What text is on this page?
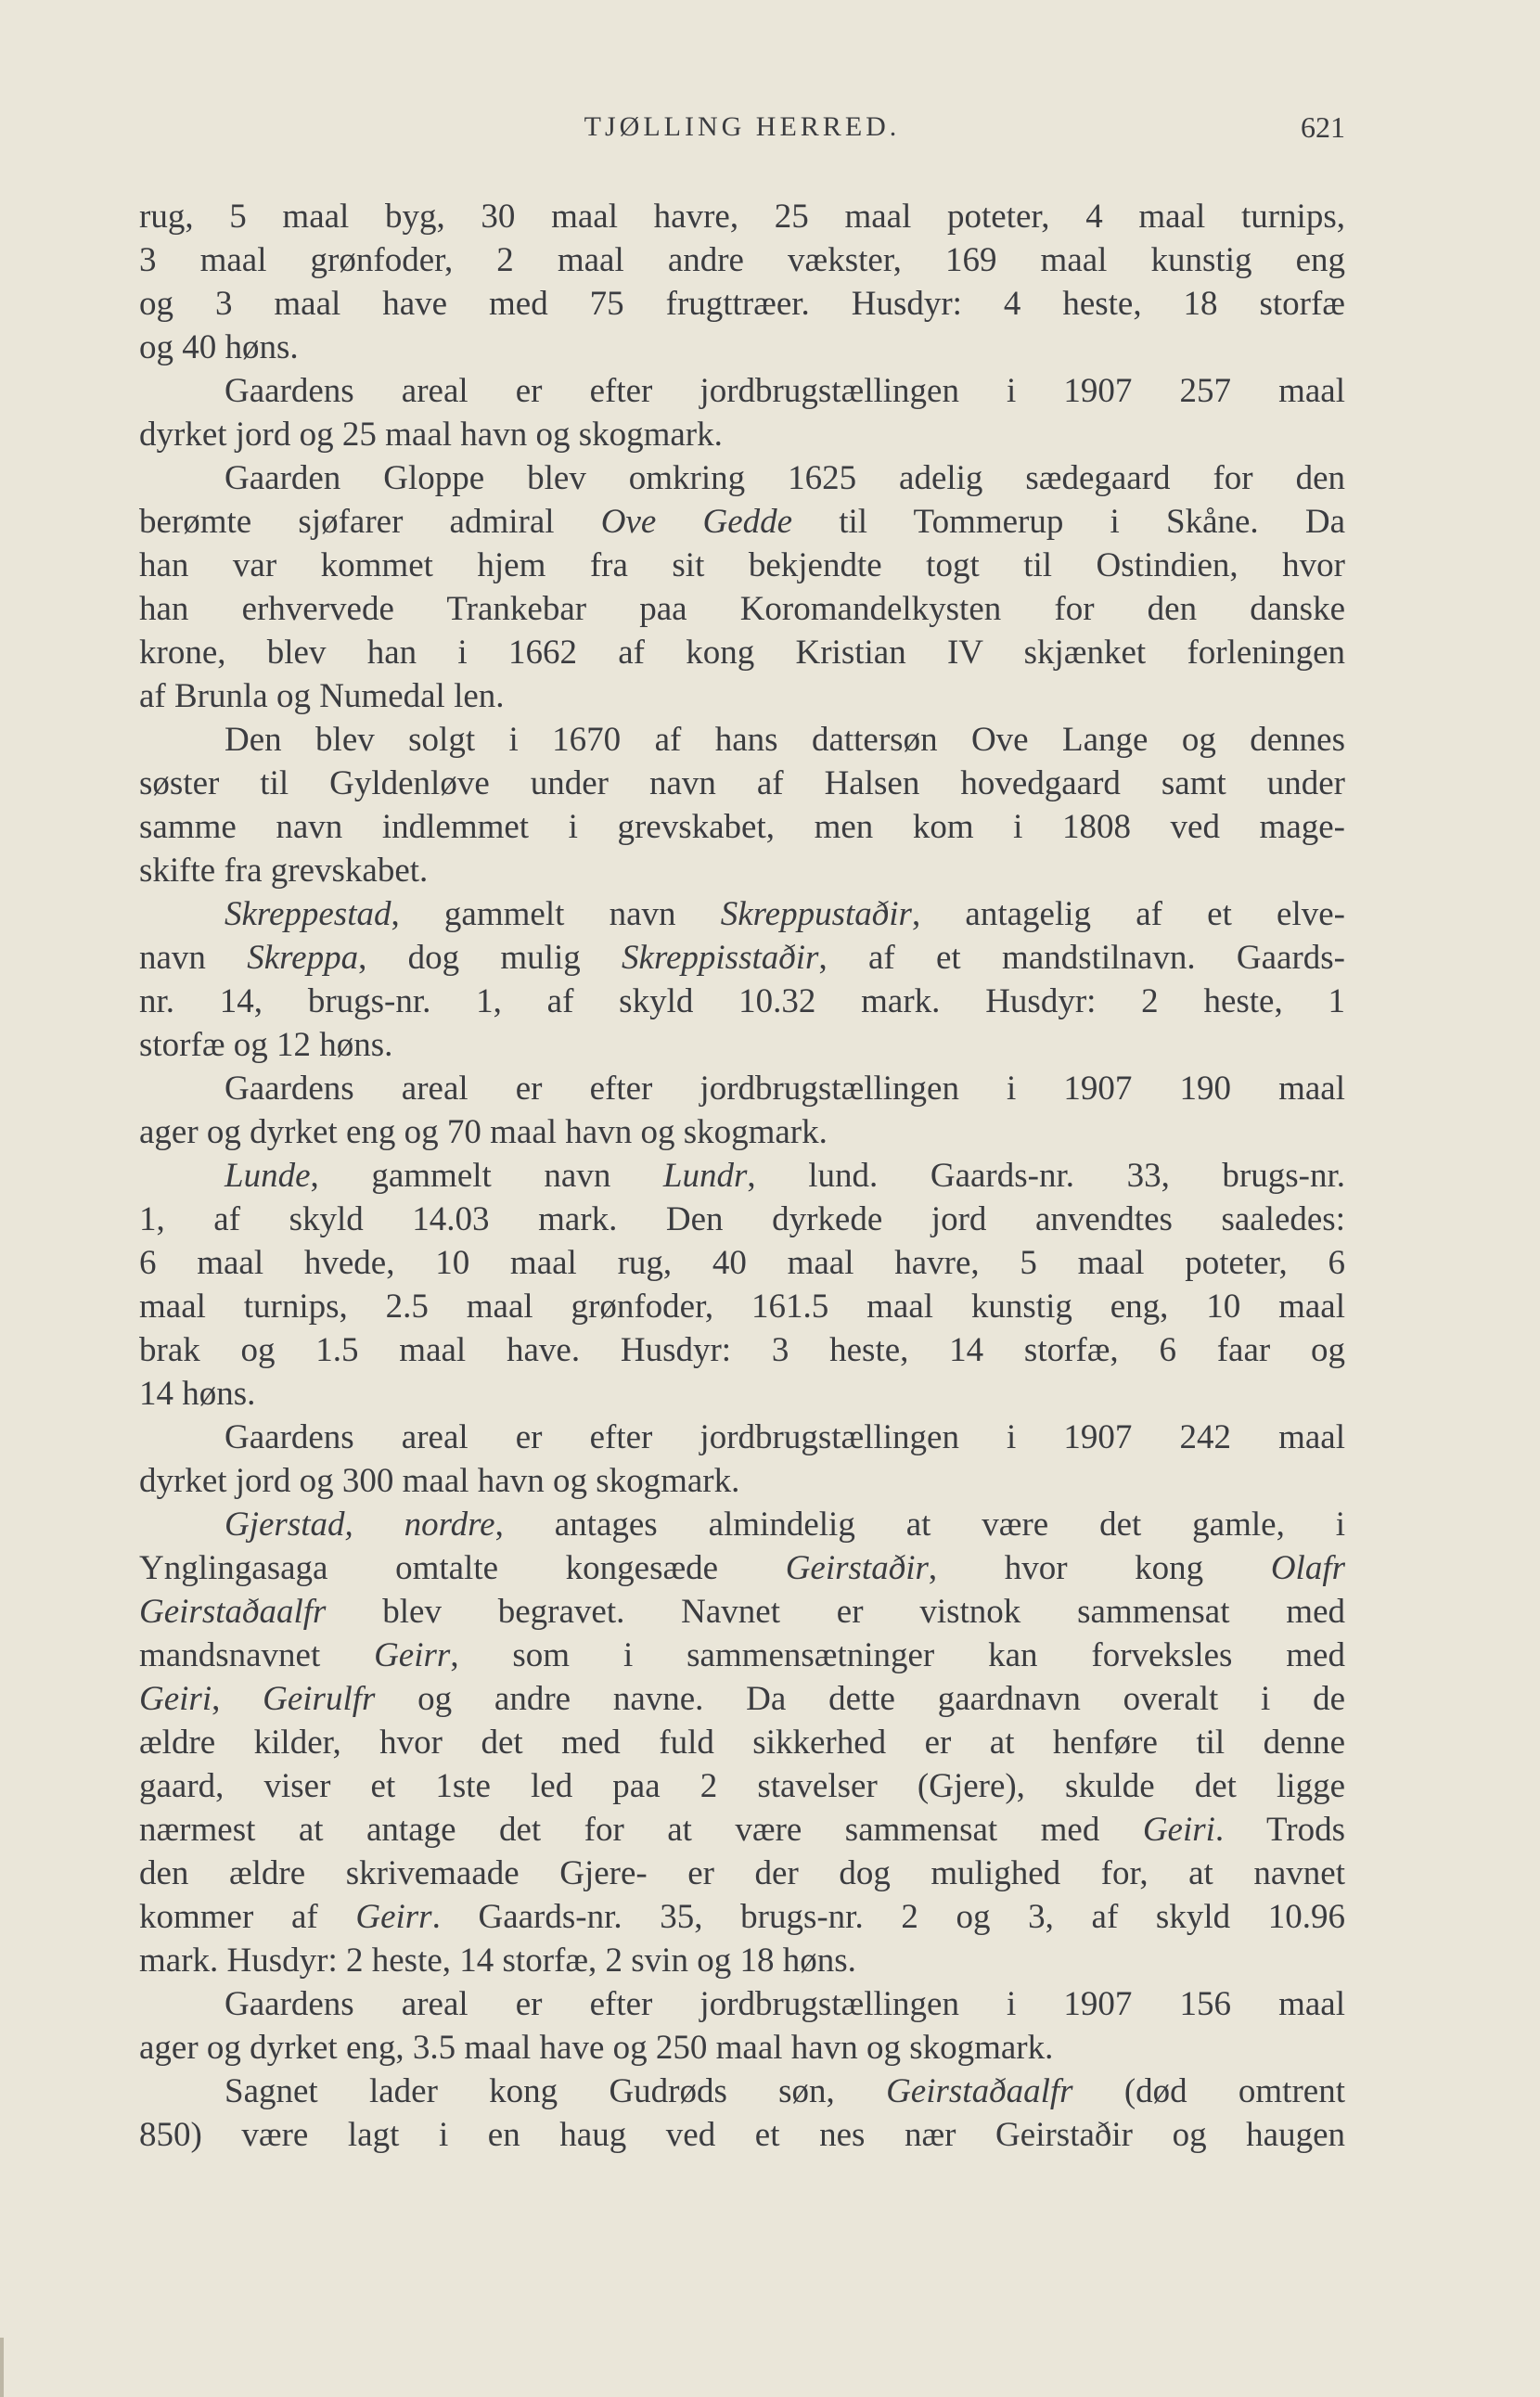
TJØLLING HERRED.	621
rug, 5 maal byg, 30 maal havre, 25 maal poteter, 4 maal turnips,
3 maal grønfoder, 2 maal andre vækster, 169 maal kunstig eng
og 3 maal have med 75 frugttræer. Husdyr: 4 heste, 18 storfæ
og 40 høns.
Gaardens areal er efter jordbrugstællingen i 1907 257 maal
dyrket jord og 25 maal havn og skogmark.
Gaarden Gloppe blev omkring 1625 adelig sædegaard for den
berømte sjøfarer admiral Ove Gedde til Tommerup i Skåne. Da
han var kommet hjem fra sit bekjendte togt til Ostindien, hvor
han erhvervede Trankebar paa Koromandelkysten for den danske
krone, blev han i 1662 af kong Kristian IV skjænket forleningen
af Brunla og Numedal len.
Den blev solgt i 1670 af hans dattersøn Ove Lange og dennes
søster til Gyldenløve under navn af Halsen hovedgaard samt under
samme navn indlemmet i grevskabet, men kom i 1808 ved mage-
skifte fra grevskabet.
Skreppestad, gammelt navn Skreppustaðir, antagelig af et elve-
navn Skreppa, dog mulig Skreppisstaðir, af et mandstilnavn. Gaards-
nr. 14, brugs-nr. 1, af skyld 10.32 mark. Husdyr: 2 heste, 1
storfæ og 12 høns.
Gaardens areal er efter jordbrugstællingen i 1907 190 maal
ager og dyrket eng og 70 maal havn og skogmark.
Lunde, gammelt navn Lundr, lund. Gaards-nr. 33, brugs-nr.
1, af skyld 14.03 mark. Den dyrkede jord anvendtes saaledes:
6 maal hvede, 10 maal rug, 40 maal havre, 5 maal poteter, 6
maal turnips, 2.5 maal grønfoder, 161.5 maal kunstig eng, 10 maal
brak og 1.5 maal have. Husdyr: 3 heste, 14 storfæ, 6 faar og
14 høns.
Gaardens areal er efter jordbrugstællingen i 1907 242 maal
dyrket jord og 300 maal havn og skogmark.
Gjerstad, nordre, antages almindelig at være det gamle, i
Ynglingasaga omtalte kongesæde Geirstaðir, hvor kong Olafr
Geirstaðaalfr blev begravet. Navnet er vistnok sammensat med
mandsnavnet Geirr, som i sammensætninger kan forveksles med
Geiri, Geirulfr og andre navne. Da dette gaardnavn overalt i de
ældre kilder, hvor det med fuld sikkerhed er at henføre til denne
gaard, viser et 1ste led paa 2 stavelser (Gjere), skulde det ligge
nærmest at antage det for at være sammensat med Geiri. Trods
den ældre skrivemaade Gjere- er der dog mulighed for, at navnet
kommer af Geirr. Gaards-nr. 35, brugs-nr. 2 og 3, af skyld 10.96
mark. Husdyr: 2 heste, 14 storfæ, 2 svin og 18 høns.
Gaardens areal er efter jordbrugstællingen i 1907 156 maal
ager og dyrket eng, 3.5 maal have og 250 maal havn og skogmark.
Sagnet lader kong Gudrøds søn, Geirstaðaalfr (død omtrent
850) være lagt i en haug ved et nes nær Geirstaðir og haugen
